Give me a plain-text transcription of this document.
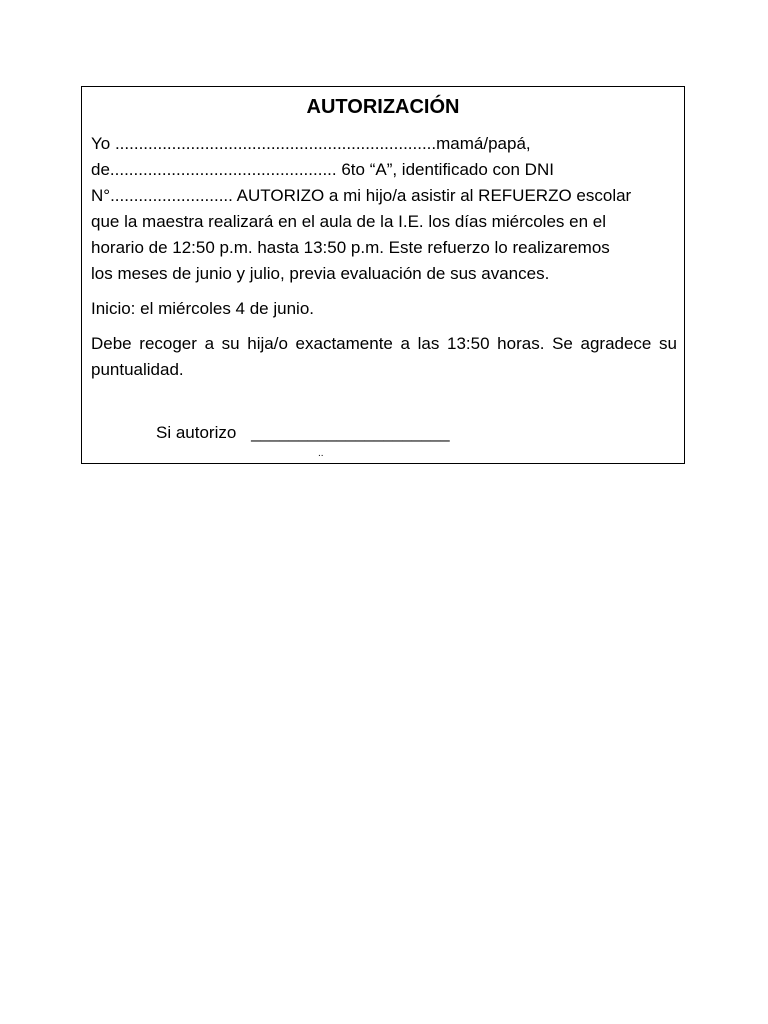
AUTORIZACIÓN
Yo ....................................................................mamá/papá,
de................................................ 6to “A”, identificado con DNI
N°.......................... AUTORIZO a mi hijo/a asistir al REFUERZO escolar
que la maestra realizará en el aula de la I.E. los días miércoles en el
horario de 12:50 p.m. hasta 13:50 p.m. Este refuerzo lo realizaremos
los meses de junio y julio, previa evaluación de sus avances.

Inicio: el miércoles 4 de junio.

Debe recoger a su hija/o exactamente a las 13:50 horas. Se agradece su puntualidad.

Si autorizo _____________________
..
